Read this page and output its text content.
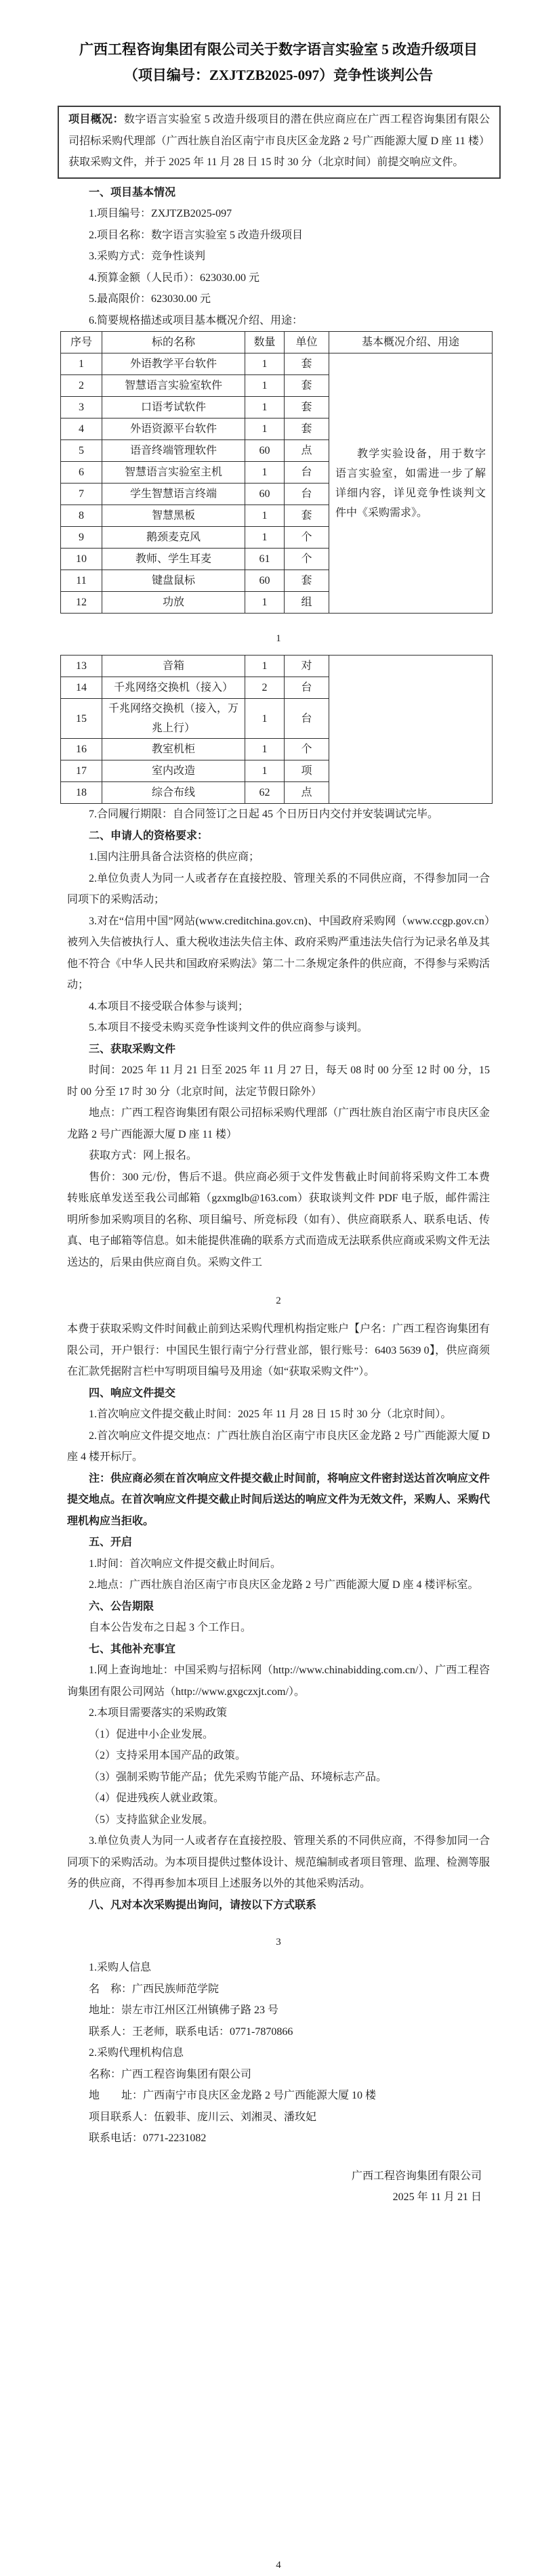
广西工程咨询集团有限公司关于数字语言实验室 5 改造升级项目
（项目编号：ZXJTZB2025-097）竞争性谈判公告

项目概况：数字语言实验室 5 改造升级项目的潜在供应商应在广西工程咨询集团有限公司招标采购代理部（广西壮族自治区南宁市良庆区金龙路 2 号广西能源大厦 D 座 11 楼）获取采购文件，并于 2025 年 11 月 28 日 15 时 30 分（北京时间）前提交响应文件。

一、项目基本情况

1.项目编号：ZXJTZB2025-097

2.项目名称：数字语言实验室 5 改造升级项目

3.采购方式：竞争性谈判

4.预算金额（人民币）：623030.00 元

5.最高限价：623030.00 元

6.简要规格描述或项目基本概况介绍、用途：

序号	标的名称	数量	单位	基本概况介绍、用途
1	外语教学平台软件	1	套	教学实验设备，用于数字语言实验室，如需进一步了解详细内容，详见竞争性谈判文件中《采购需求》。
2	智慧语言实验室软件	1	套	
3	口语考试软件	1	套	
4	外语资源平台软件	1	套	
5	语音终端管理软件	60	点	
6	智慧语言实验室主机	1	台	
7	学生智慧语言终端	60	台	
8	智慧黑板	1	套	
9	鹅颈麦克风	1	个	
10	教师、学生耳麦	61	个	
11	键盘鼠标	60	套	
12	功放	1	组	
1
13	音箱	1	对	
14	千兆网络交换机（接入）	2	台	
15	千兆网络交换机（接入，万兆上行）	1	台	
16	教室机柜	1	个	
17	室内改造	1	项	
18	综合布线	62	点	

7.合同履行期限：自合同签订之日起 45 个日历日内交付并安装调试完毕。

二、申请人的资格要求：

1.国内注册具备合法资格的供应商；

2.单位负责人为同一人或者存在直接控股、管理关系的不同供应商，不得参加同一合同项下的采购活动；

3.对在“信用中国”网站(www.creditchina.gov.cn)、中国政府采购网（www.ccgp.gov.cn）被列入失信被执行人、重大税收违法失信主体、政府采购严重违法失信行为记录名单及其他不符合《中华人民共和国政府采购法》第二十二条规定条件的供应商，不得参与采购活动；

4.本项目不接受联合体参与谈判；

5.本项目不接受未购买竞争性谈判文件的供应商参与谈判。

三、获取采购文件

时间：2025 年 11 月 21 日至 2025 年 11 月 27 日，每天 08 时 00 分至 12 时 00 分，15 时 00 分至 17 时 30 分（北京时间，法定节假日除外）

地点：广西工程咨询集团有限公司招标采购代理部（广西壮族自治区南宁市良庆区金龙路 2 号广西能源大厦 D 座 11 楼）

获取方式：网上报名。

售价：300 元/份，售后不退。供应商必须于文件发售截止时间前将采购文件工本费转账底单发送至我公司邮箱（gzxmglb@163.com）获取谈判文件 PDF 电子版，邮件需注明所参加采购项目的名称、项目编号、所竞标段（如有）、供应商联系人、联系电话、传真、电子邮箱等信息。如未能提供准确的联系方式而造成无法联系供应商或采购文件无法送达的，后果由供应商自负。采购文件工

2

本费于获取采购文件时间截止前到达采购代理机构指定账户【户名：广西工程咨询集团有限公司，开户银行：中国民生银行南宁分行营业部，银行账号：6403 5639 0】，供应商须在汇款凭据附言栏中写明项目编号及用途（如“获取采购文件”）。

四、响应文件提交

1.首次响应文件提交截止时间：2025 年 11 月 28 日 15 时 30 分（北京时间）。

2.首次响应文件提交地点：广西壮族自治区南宁市良庆区金龙路 2 号广西能源大厦 D 座 4 楼开标厅。

注：供应商必须在首次响应文件提交截止时间前，将响应文件密封送达首次响应文件提交地点。在首次响应文件提交截止时间后送达的响应文件为无效文件，采购人、采购代理机构应当拒收。

五、开启

1.时间：首次响应文件提交截止时间后。

2.地点：广西壮族自治区南宁市良庆区金龙路 2 号广西能源大厦 D 座 4 楼评标室。

六、公告期限

自本公告发布之日起 3 个工作日。

七、其他补充事宜

1.网上查询地址：中国采购与招标网（http://www.chinabidding.com.cn/）、广西工程咨询集团有限公司网站（http://www.gxgczxjt.com/）。

2.本项目需要落实的采购政策

（1）促进中小企业发展。

（2）支持采用本国产品的政策。

（3）强制采购节能产品；优先采购节能产品、环境标志产品。

（4）促进残疾人就业政策。

（5）支持监狱企业发展。

3.单位负责人为同一人或者存在直接控股、管理关系的不同供应商，不得参加同一合同项下的采购活动。为本项目提供过整体设计、规范编制或者项目管理、监理、检测等服务的供应商，不得再参加本项目上述服务以外的其他采购活动。

八、凡对本次采购提出询问，请按以下方式联系

3

1.采购人信息

名　称：广西民族师范学院

地址：崇左市江州区江州镇佛子路 23 号

联系人：王老师，联系电话：0771-7870866

2.采购代理机构信息

名称：广西工程咨询集团有限公司

地　　址：广西南宁市良庆区金龙路 2 号广西能源大厦 10 楼

项目联系人：伍毅菲、庞川云、刘湘灵、潘玫妃

联系电话：0771-2231082

广西工程咨询集团有限公司
2025 年 11 月 21 日
4
